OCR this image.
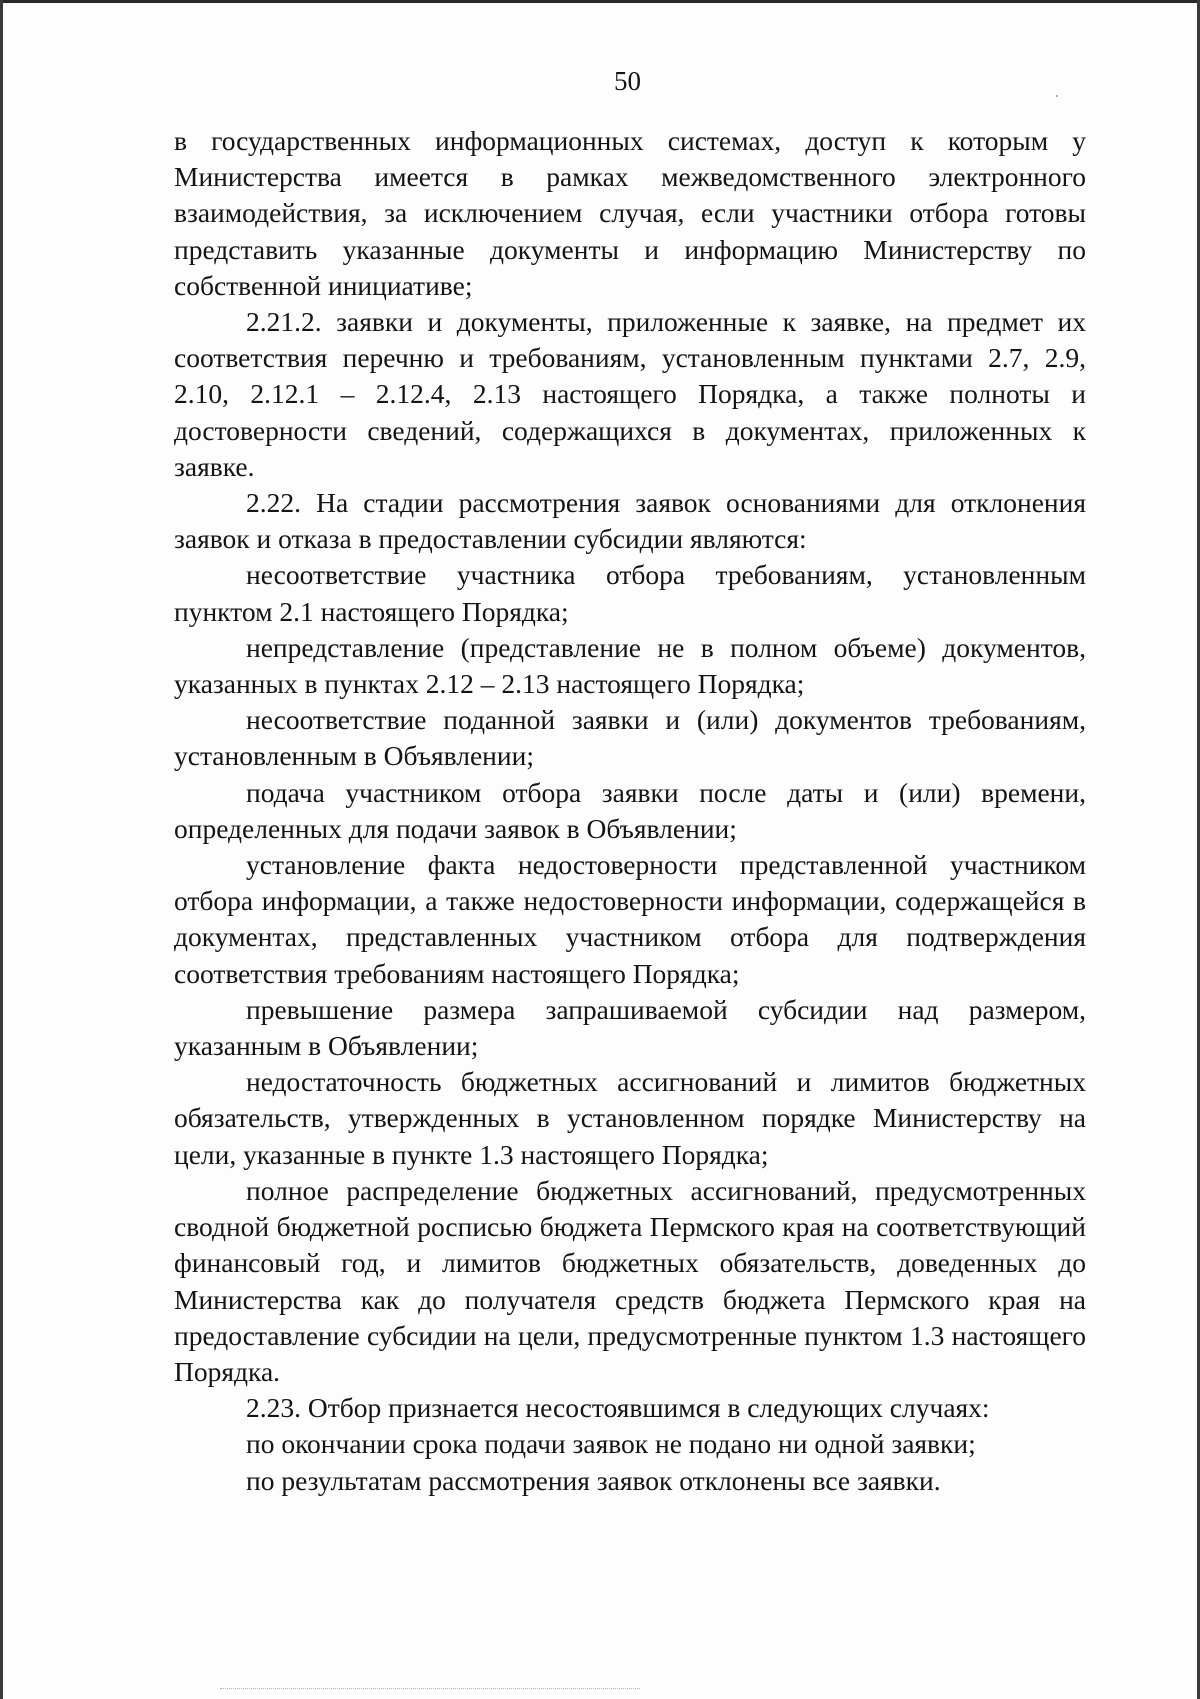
50

в государственных информационных системах, доступ к которым у Министерства имеется в рамках межведомственного электронного взаимодействия, за исключением случая, если участники отбора готовы представить указанные документы и информацию Министерству по собственной инициативе;

2.21.2. заявки и документы, приложенные к заявке, на предмет их соответствия перечню и требованиям, установленным пунктами 2.7, 2.9, 2.10, 2.12.1 – 2.12.4, 2.13 настоящего Порядка, а также полноты и достоверности сведений, содержащихся в документах, приложенных к заявке.

2.22. На стадии рассмотрения заявок основаниями для отклонения заявок и отказа в предоставлении субсидии являются:

несоответствие участника отбора требованиям, установленным пунктом 2.1 настоящего Порядка;

непредставление (представление не в полном объеме) документов, указанных в пунктах 2.12 – 2.13 настоящего Порядка;

несоответствие поданной заявки и (или) документов требованиям, установленным в Объявлении;

подача участником отбора заявки после даты и (или) времени, определенных для подачи заявок в Объявлении;

установление факта недостоверности представленной участником отбора информации, а также недостоверности информации, содержащейся в документах, представленных участником отбора для подтверждения соответствия требованиям настоящего Порядка;

превышение размера запрашиваемой субсидии над размером, указанным в Объявлении;

недостаточность бюджетных ассигнований и лимитов бюджетных обязательств, утвержденных в установленном порядке Министерству на цели, указанные в пункте 1.3 настоящего Порядка;

полное распределение бюджетных ассигнований, предусмотренных сводной бюджетной росписью бюджета Пермского края на соответствующий финансовый год, и лимитов бюджетных обязательств, доведенных до Министерства как до получателя средств бюджета Пермского края на предоставление субсидии на цели, предусмотренные пунктом 1.3 настоящего Порядка.

2.23. Отбор признается несостоявшимся в следующих случаях:

по окончании срока подачи заявок не подано ни одной заявки;

по результатам рассмотрения заявок отклонены все заявки.
